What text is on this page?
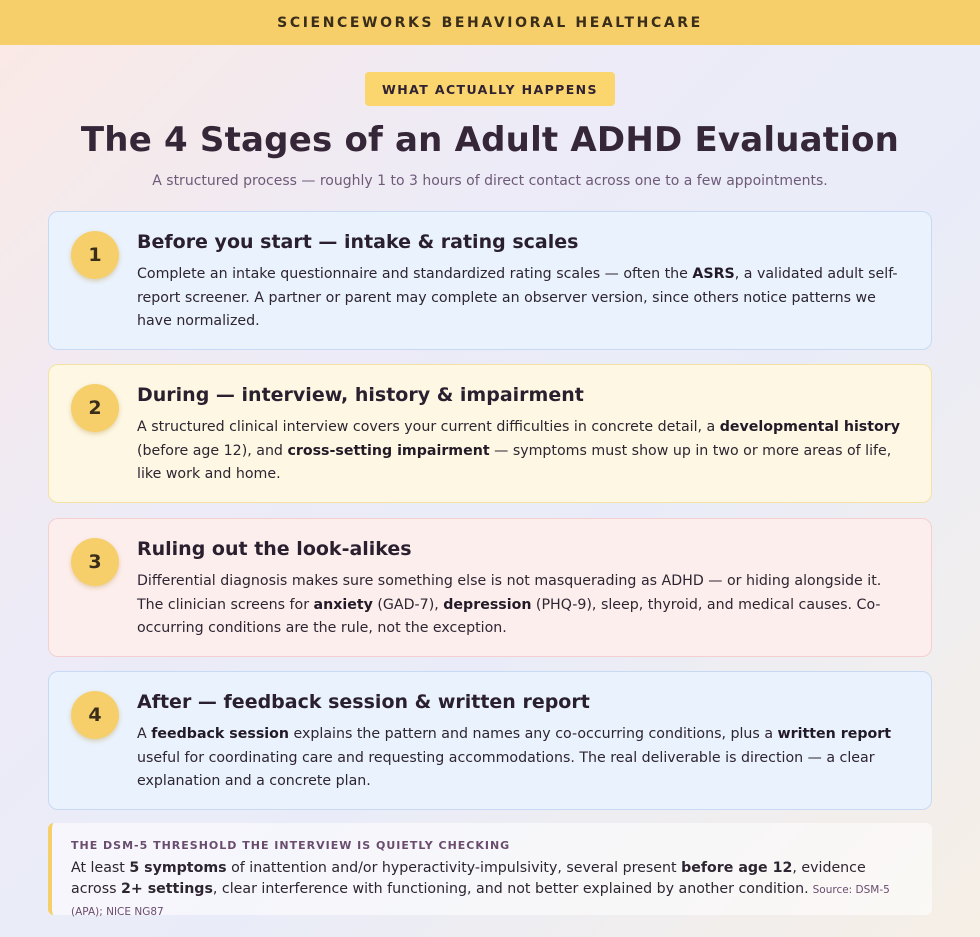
SCIENCEWORKS BEHAVIORAL HEALTHCARE
WHAT ACTUALLY HAPPENS
The 4 Stages of an Adult ADHD Evaluation
A structured process — roughly 1 to 3 hours of direct contact across one to a few appointments.
1
Before you start — intake & rating scales

Complete an intake questionnaire and standardized rating scales — often the ASRS, a validated adult self-report screener. A partner or parent may complete an observer version, since others notice patterns we have normalized.

2
During — interview, history & impairment

A structured clinical interview covers your current difficulties in concrete detail, a developmental history (before age 12), and cross-setting impairment — symptoms must show up in two or more areas of life, like work and home.

3
Ruling out the look-alikes

Differential diagnosis makes sure something else is not masquerading as ADHD — or hiding alongside it. The clinician screens for anxiety (GAD-7), depression (PHQ-9), sleep, thyroid, and medical causes. Co-occurring conditions are the rule, not the exception.

4
After — feedback session & written report

A feedback session explains the pattern and names any co-occurring conditions, plus a written report useful for coordinating care and requesting accommodations. The real deliverable is direction — a clear explanation and a concrete plan.

THE DSM-5 THRESHOLD THE INTERVIEW IS QUIETLY CHECKING
At least 5 symptoms of inattention and/or hyperactivity-impulsivity, several present before age 12, evidence across 2+ settings, clear interference with functioning, and not better explained by another condition. Source: DSM-5 (APA); NICE NG87
